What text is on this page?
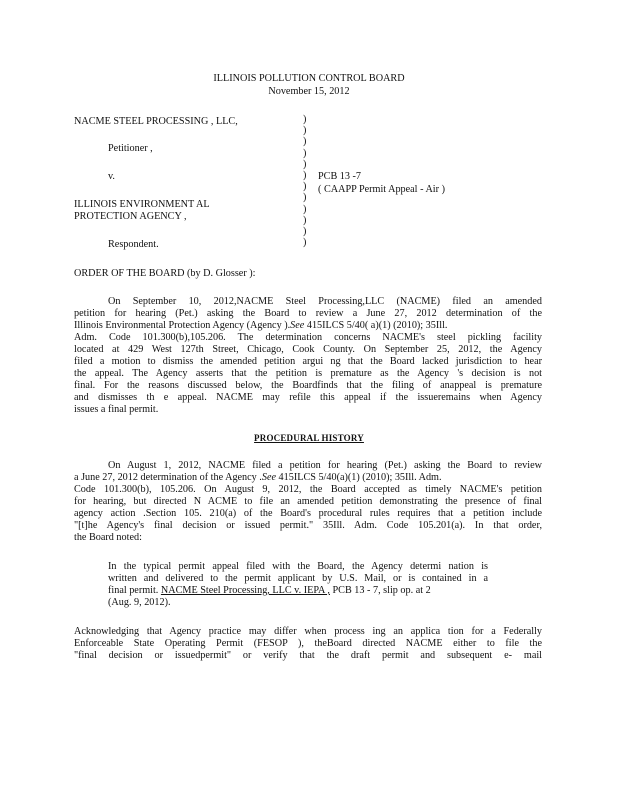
ILLINOIS POLLUTION CONTROL BOARD
November 15, 2012
NACME STEEL PROCESSING , LLC,
Petitioner ,
v.
ILLINOIS ENVIRONMENT AL
PROTECTION AGENCY ,
Respondent.
)
)
)
)
)
)
)
)
)
)
)
)
PCB 13 -7
( CAAPP Permit Appeal - Air )
ORDER OF THE BOARD (by D. Glosser ):
On September 10, 2012,NACME Steel Processing,LLC (NACME) filed an amended
petition for hearing (Pet.) asking the Board to review a June 27, 2012 determination of the
Illinois Environmental Protection Agency (Agency ).See 415ILCS 5/40( a)(1) (2010); 35Ill.
Adm. Code 101.300(b),105.206. The determination concerns NACME's steel pickling facility
located at 429 West 127th Street, Chicago, Cook County. On September 25, 2012, the Agency
filed a motion to dismiss the amended petition argui ng that the Board lacked jurisdiction to hear
the appeal. The Agency asserts that the petition is premature as the Agency 's decision is not
final. For the reasons discussed below, the Boardfinds that the filing of anappeal is premature
and dismisses th e appeal. NACME may refile this appeal if the issueremains when Agency
issues a final permit.
PROCEDURAL HISTORY
On August 1, 2012, NACME filed a petition for hearing (Pet.) asking the Board to review
a June 27, 2012 determination of the Agency .See 415ILCS 5/40(a)(1) (2010); 35Ill. Adm.
Code 101.300(b), 105.206. On August 9, 2012, the Board accepted as timely NACME's petition
for hearing, but directed N ACME to file an amended petition demonstrating the presence of final
agency action .Section 105. 210(a) of the Board's procedural rules requires that a petition include
"[t]he Agency's final decision or issued permit." 35Ill. Adm. Code 105.201(a). In that order,
the Board noted:
In the typical permit appeal filed with the Board, the Agency determi nation is
written and delivered to the permit applicant by U.S. Mail, or is contained in a
final permit. NACME Steel Processing, LLC v. IEPA , PCB 13 - 7, slip op. at 2
(Aug. 9, 2012).
Acknowledging that Agency practice may differ when process ing an applica tion for a Federally
Enforceable State Operating Permit (FESOP ), theBoard directed NACME either to file the
"final decision or issuedpermit" or verify that the draft permit and subsequent e- mail
